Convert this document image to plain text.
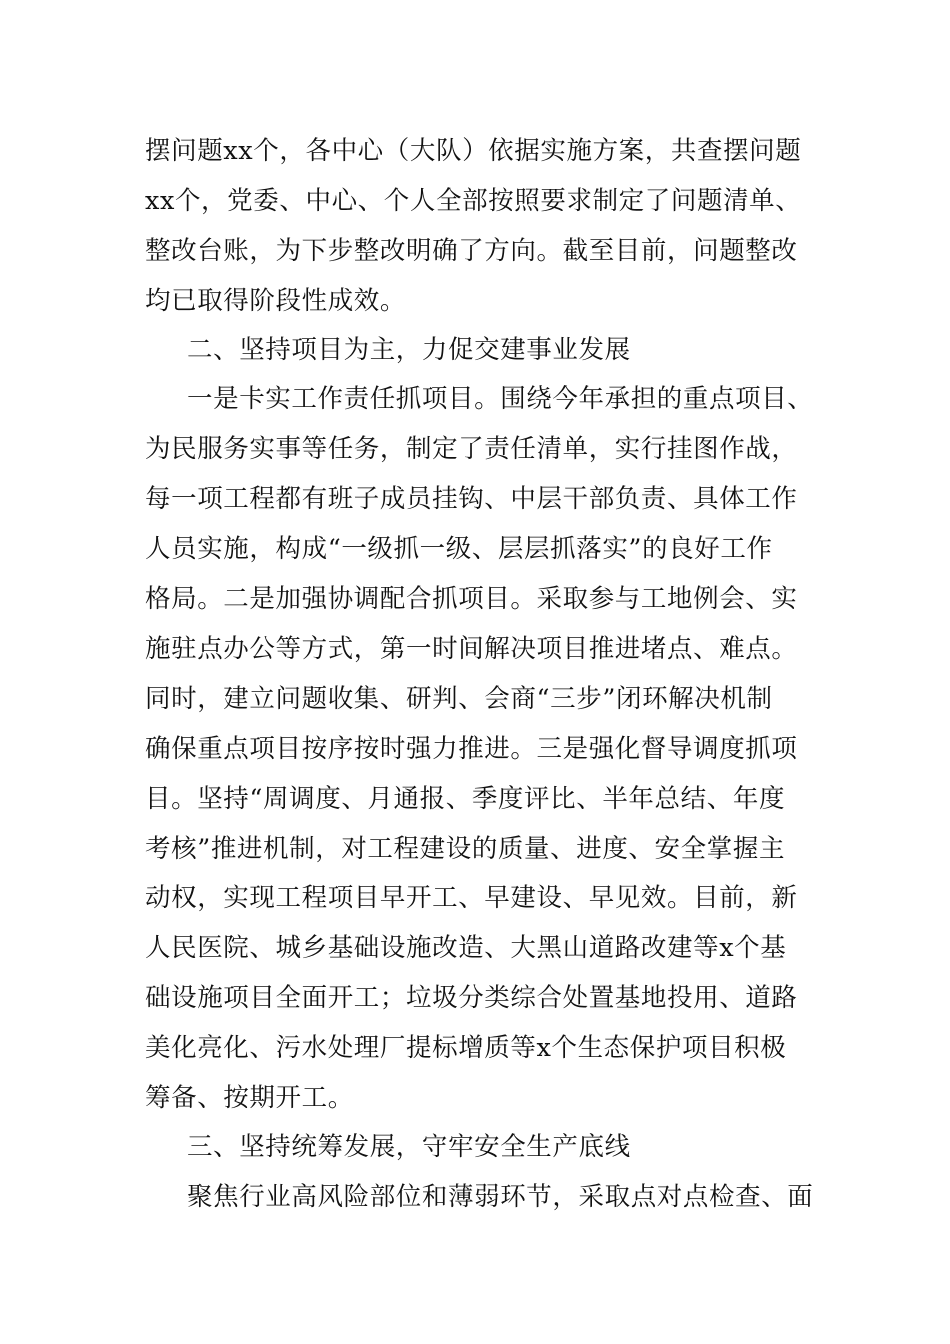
摆问题xx个，各中心（大队）依据实施方案，共查摆问题
xx个，党委、中心、个人全部按照要求制定了问题清单、
整改台账，为下步整改明确了方向。截至目前，问题整改
均已取得阶段性成效。
二、坚持项目为主，力促交建事业发展
一是卡实工作责任抓项目。围绕今年承担的重点项目、
为民服务实事等任务，制定了责任清单，实行挂图作战，
每一项工程都有班子成员挂钩、中层干部负责、具体工作
人员实施，构成“一级抓一级、层层抓落实”的良好工作
格局。二是加强协调配合抓项目。采取参与工地例会、实
施驻点办公等方式，第一时间解决项目推进堵点、难点。
同时，建立问题收集、研判、会商“三步”闭环解决机制
确保重点项目按序按时强力推进。三是强化督导调度抓项
目。坚持“周调度、月通报、季度评比、半年总结、年度
考核”推进机制，对工程建设的质量、进度、安全掌握主
动权，实现工程项目早开工、早建设、早见效。目前，新
人民医院、城乡基础设施改造、大黑山道路改建等x个基
础设施项目全面开工；垃圾分类综合处置基地投用、道路
美化亮化、污水处理厂提标增质等x个生态保护项目积极
筹备、按期开工。
三、坚持统筹发展，守牢安全生产底线
聚焦行业高风险部位和薄弱环节，采取点对点检查、面
